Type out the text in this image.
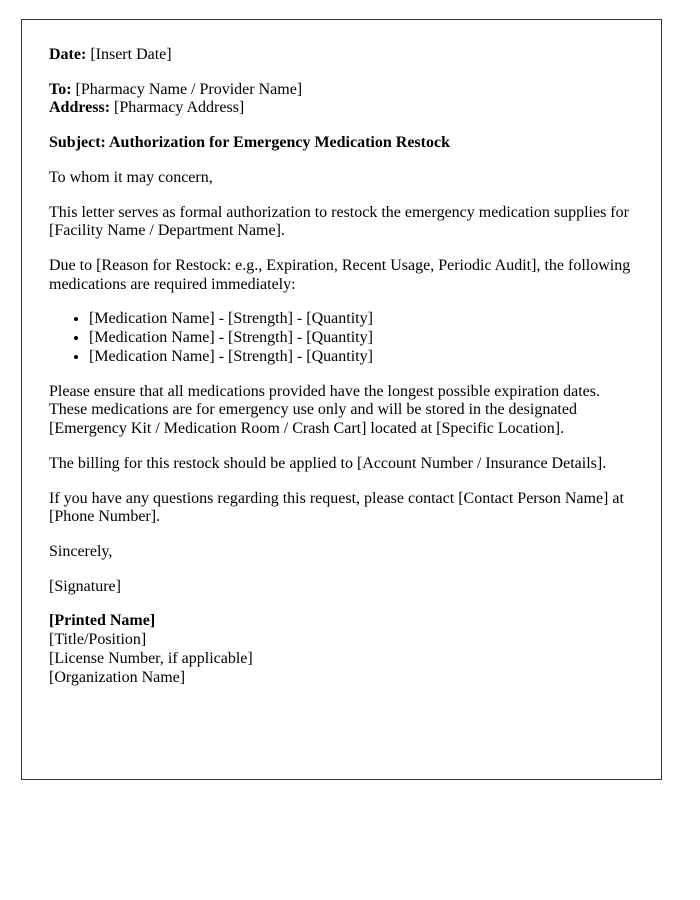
Date: [Insert Date]

To: [Pharmacy Name / Provider Name]
Address: [Pharmacy Address]

Subject: Authorization for Emergency Medication Restock

To whom it may concern,

This letter serves as formal authorization to restock the emergency medication supplies for [Facility Name / Department Name].

Due to [Reason for Restock: e.g., Expiration, Recent Usage, Periodic Audit], the following medications are required immediately:

• [Medication Name] - [Strength] - [Quantity]
• [Medication Name] - [Strength] - [Quantity]
• [Medication Name] - [Strength] - [Quantity]

Please ensure that all medications provided have the longest possible expiration dates. These medications are for emergency use only and will be stored in the designated [Emergency Kit / Medication Room / Crash Cart] located at [Specific Location].

The billing for this restock should be applied to [Account Number / Insurance Details].

If you have any questions regarding this request, please contact [Contact Person Name] at [Phone Number].

Sincerely,

[Signature]

[Printed Name]
[Title/Position]
[License Number, if applicable]
[Organization Name]
